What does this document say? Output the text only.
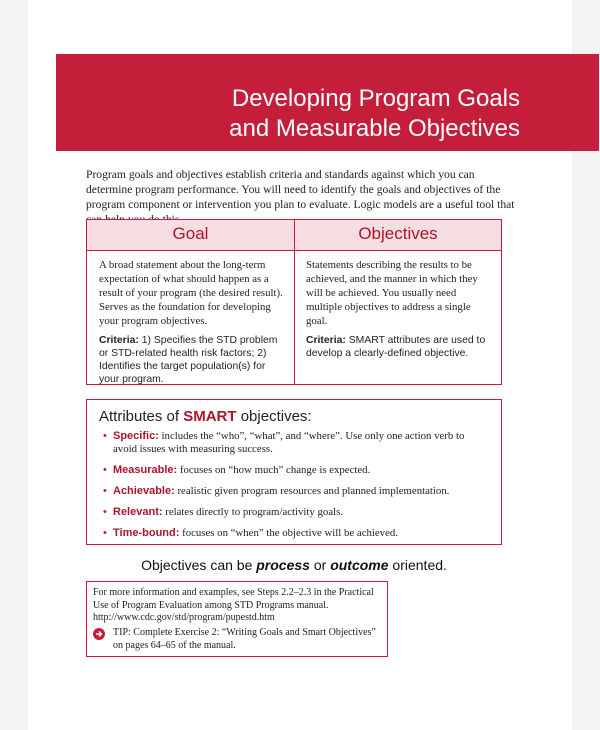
Developing Program Goals
and Measurable Objectives
Program goals and objectives establish criteria and standards against which you can determine program performance. You will need to identify the goals and objectives of the program component or intervention you plan to evaluate. Logic models are a useful tool that
Goal	Objectives
A broad statement about the long-term expectation of what should happen as a result of your program (the desired result). Serves as the foundation for developing your program objectives.
Criteria: 1) Specifies the STD problem or STD-related health risk factors; 2) Identifies the target population(s) for your program.
Statements describing the results to be achieved, and the manner in which they will be achieved. You usually need multiple objectives to address a single goal.
Criteria: SMART attributes are used to develop a clearly-defined objective.
Attributes of SMART objectives:
• Specific: includes the “who”, “what”, and “where”. Use only one action verb to avoid issues with measuring success.
• Measurable: focuses on “how much” change is expected.
• Achievable: realistic given program resources and planned implementation.
• Relevant: relates directly to program/activity goals.
• Time-bound: focuses on “when” the objective will be achieved.
Objectives can be process or outcome oriented.
For more information and examples, see Steps 2.2–2.3 in the Practical Use of Program Evaluation among STD Programs manual.
http://www.cdc.gov/std/program/pupestd.htm
TIP: Complete Exercise 2: “Writing Goals and Smart Objectives” on pages 64–65 of the manual.
